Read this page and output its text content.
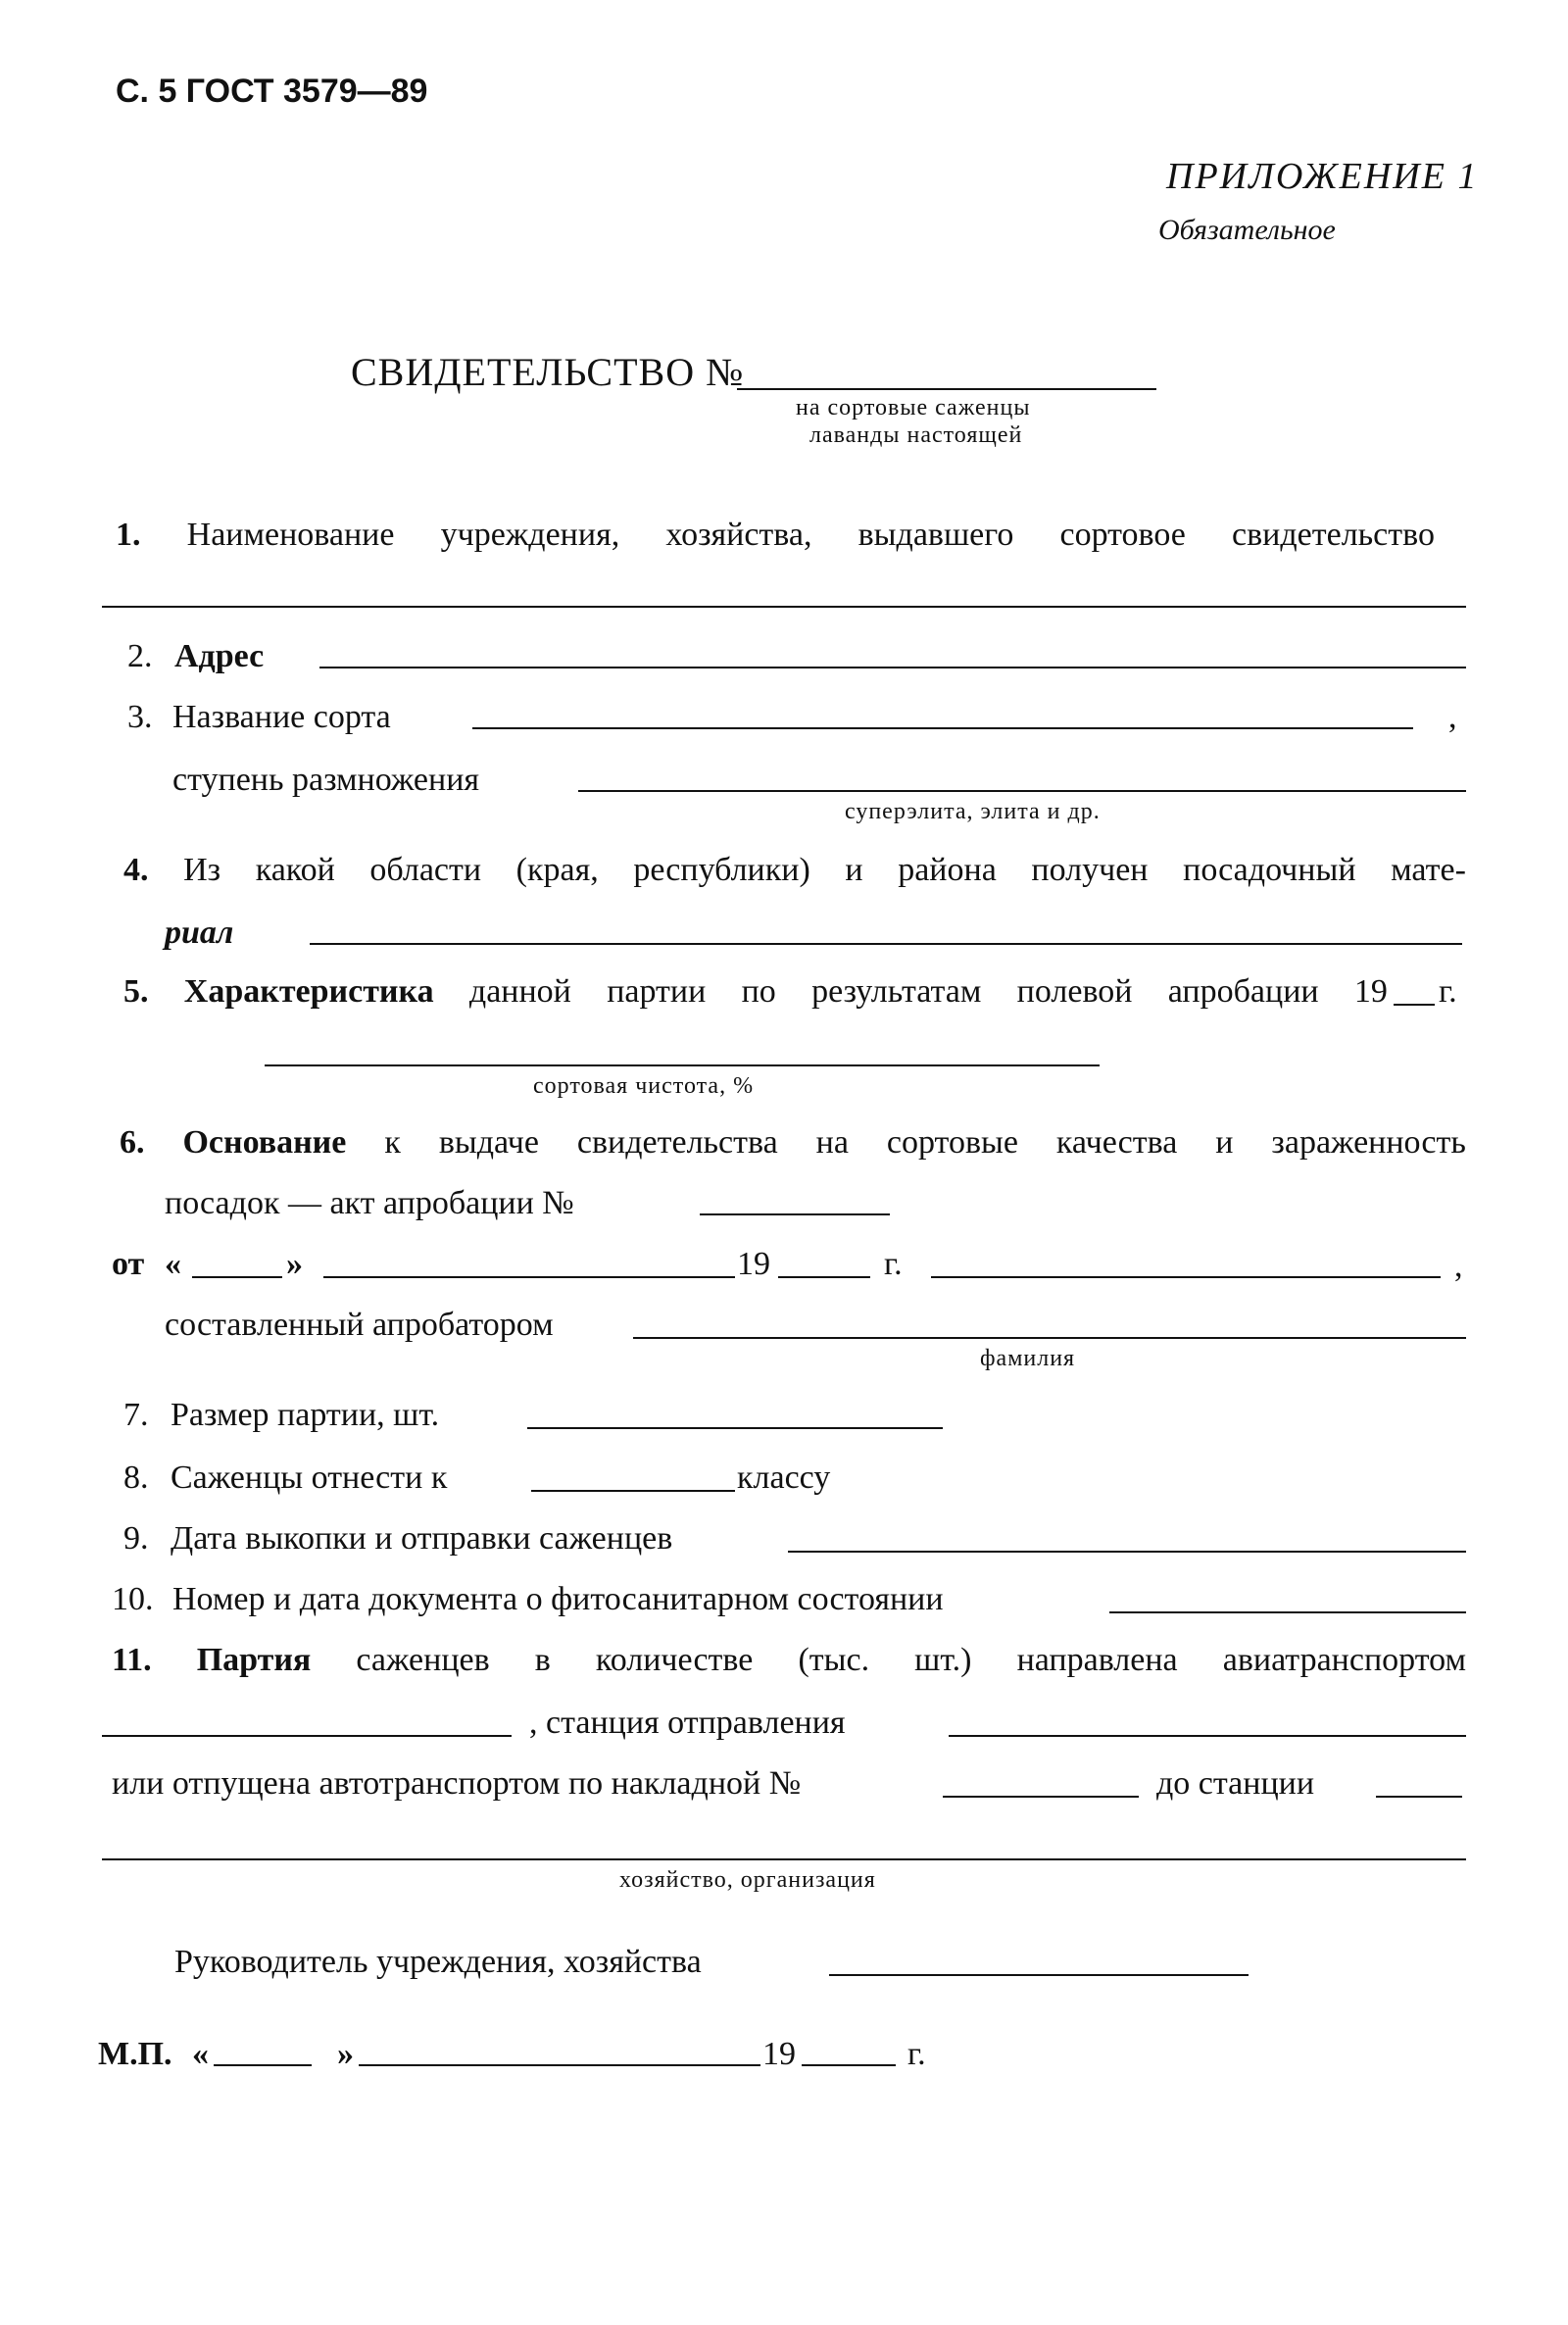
С. 5 ГОСТ 3579—89
ПРИЛОЖЕНИЕ 1
Обязательное
СВИДЕТЕЛЬСТВО №
на сортовые саженцы
лаванды настоящей
1. Наименование учреждения, хозяйства, выдавшего сортовое свидетельство
2. Адрес
3. Название сорта	,
ступень размножения
суперэлита, элита и др.
4. Из какой области (края, республики) и района получен посадочный мате-
риал
5. Характеристика данной партии по результатам полевой апробации 19 г.
сортовая чистота, %
6. Основание к выдаче свидетельства на сортовые качества и зараженность
посадок — акт апробации №
от «	»	19	г.	,
составленный апробатором
фамилия
7. Размер партии, шт.
8. Саженцы отнести к	классу
9. Дата выкопки и отправки саженцев
10. Номер и дата документа о фитосанитарном состоянии
11. Партия саженцев в количестве (тыс. шт.) направлена авиатранспортом
, станция отправления
или отпущена автотранспортом по накладной №	до станции
хозяйство, организация
Руководитель учреждения, хозяйства
М.П. «	»	19	г.
